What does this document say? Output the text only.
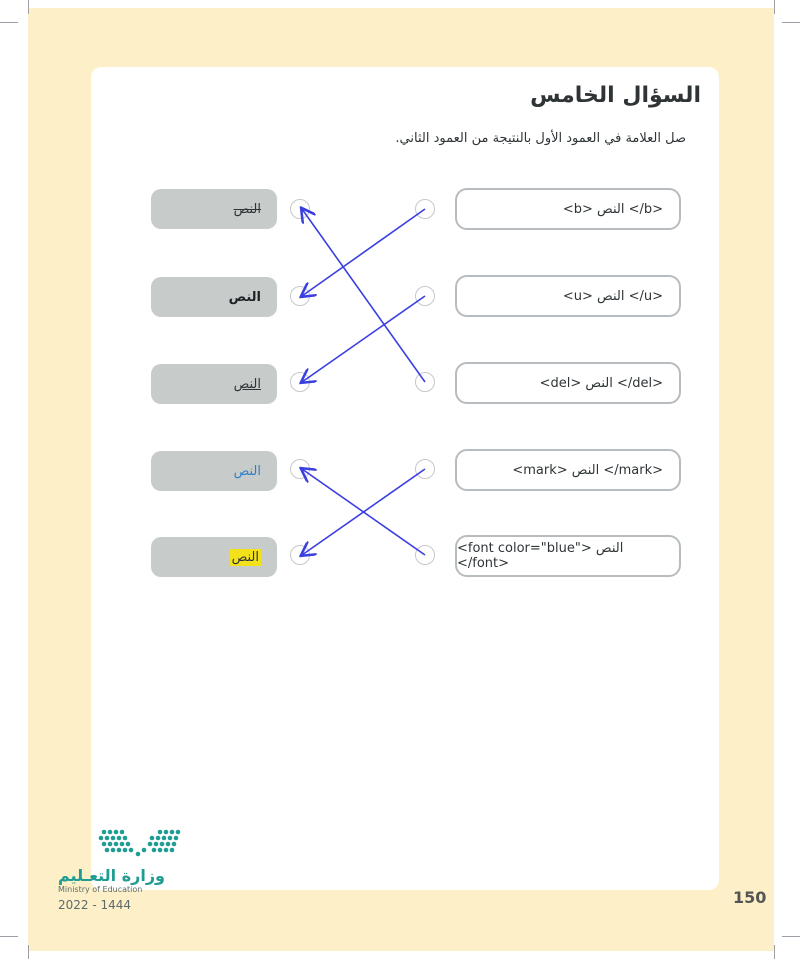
السؤال الخامس
صل العلامة في العمود الأول بالنتيجة من العمود الثاني.
<b> النص </b>
<u> النص </u>
<del> النص </del>
<mark> النص </mark>
<font color="blue"> النص </font>
النص
النص
النص
النص
النص
وزارة التعـليم
Ministry of Education
2022 - 1444	150
